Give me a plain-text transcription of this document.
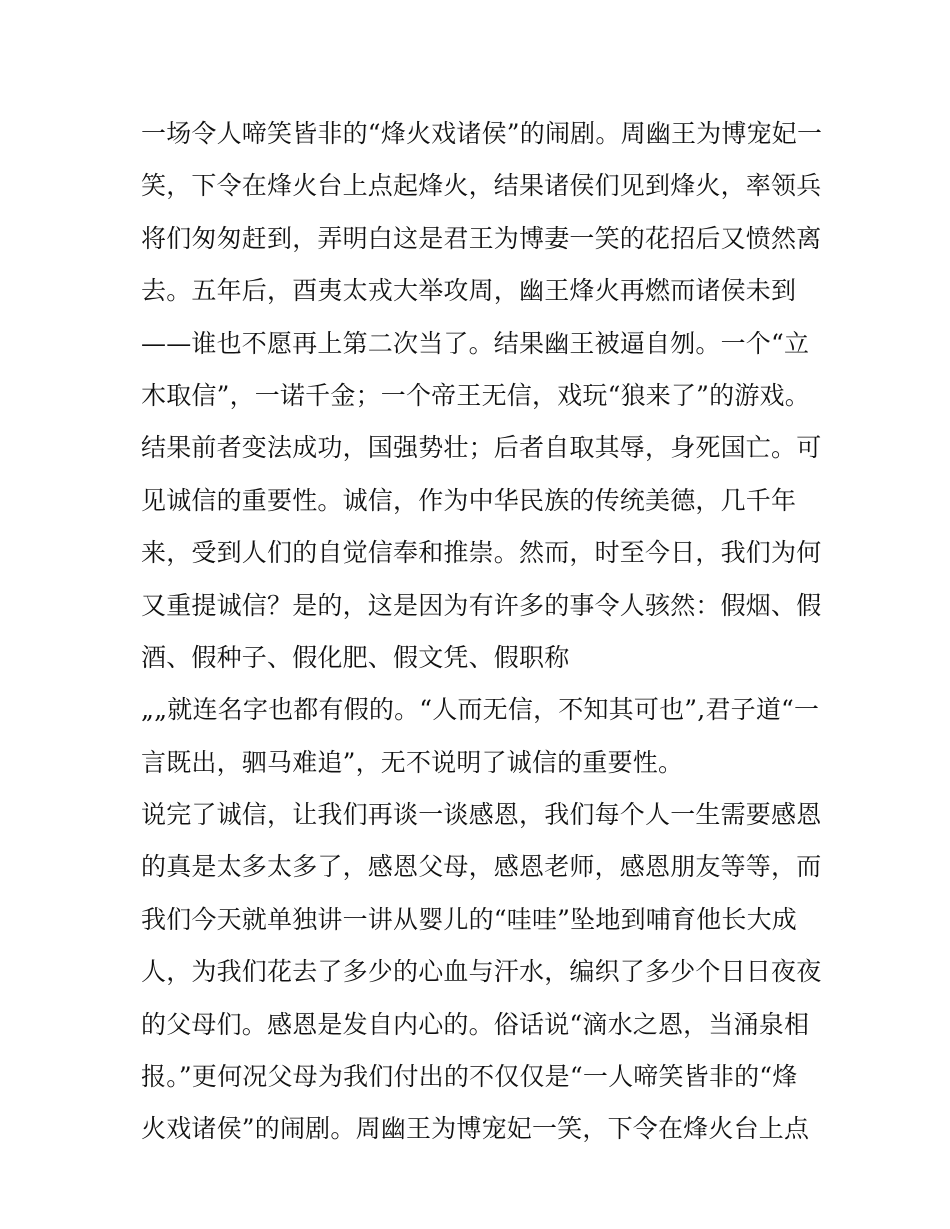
一场令人啼笑皆非的“烽火戏诸侯”的闹剧。周幽王为博宠妃一
笑，下令在烽火台上点起烽火，结果诸侯们见到烽火，率领兵
将们匆匆赶到，弄明白这是君王为博妻一笑的花招后又愤然离
去。五年后，酉夷太戎大举攻周，幽王烽火再燃而诸侯未到
——谁也不愿再上第二次当了。结果幽王被逼自刎。一个“立
木取信”，一诺千金；一个帝王无信，戏玩“狼来了”的游戏。
结果前者变法成功，国强势壮；后者自取其辱，身死国亡。可
见诚信的重要性。诚信，作为中华民族的传统美德，几千年
来，受到人们的自觉信奉和推崇。然而，时至今日，我们为何
又重提诚信？是的，这是因为有许多的事令人骇然：假烟、假
酒、假种子、假化肥、假文凭、假职称
„„就连名字也都有假的。“人而无信，不知其可也”,君子道“一
言既出，驷马难追”，无不说明了诚信的重要性。
说完了诚信，让我们再谈一谈感恩，我们每个人一生需要感恩
的真是太多太多了，感恩父母，感恩老师，感恩朋友等等，而
我们今天就单独讲一讲从婴儿的“哇哇”坠地到哺育他长大成
人，为我们花去了多少的心血与汗水，编织了多少个日日夜夜
的父母们。感恩是发自内心的。俗话说“滴水之恩，当涌泉相
报。”更何况父母为我们付出的不仅仅是“一人啼笑皆非的“烽
火戏诸侯”的闹剧。周幽王为博宠妃一笑，下令在烽火台上点
